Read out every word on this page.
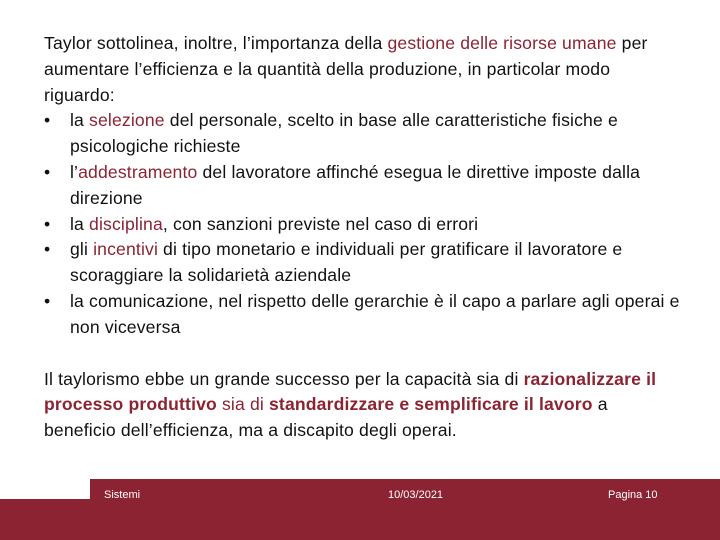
Taylor sottolinea, inoltre, l’importanza della gestione delle risorse umane per aumentare l’efficienza e la quantità della produzione, in particolar modo riguardo:

•	la selezione del personale, scelto in base alle caratteristiche fisiche e psicologiche richieste
•	l’addestramento del lavoratore affinché esegua le direttive imposte dalla direzione
•	la disciplina, con sanzioni previste nel caso di errori
•	gli incentivi di tipo monetario e individuali per gratificare il lavoratore e scoraggiare la solidarietà aziendale
•	la comunicazione, nel rispetto delle gerarchie è il capo a parlare agli operai e non viceversa

Il taylorismo ebbe un grande successo per la capacità sia di razionalizzare il processo produttivo sia di standardizzare e semplificare il lavoro a beneficio dell’efficienza, ma a discapito degli operai.

Sistemi	10/03/2021	Pagina 10
